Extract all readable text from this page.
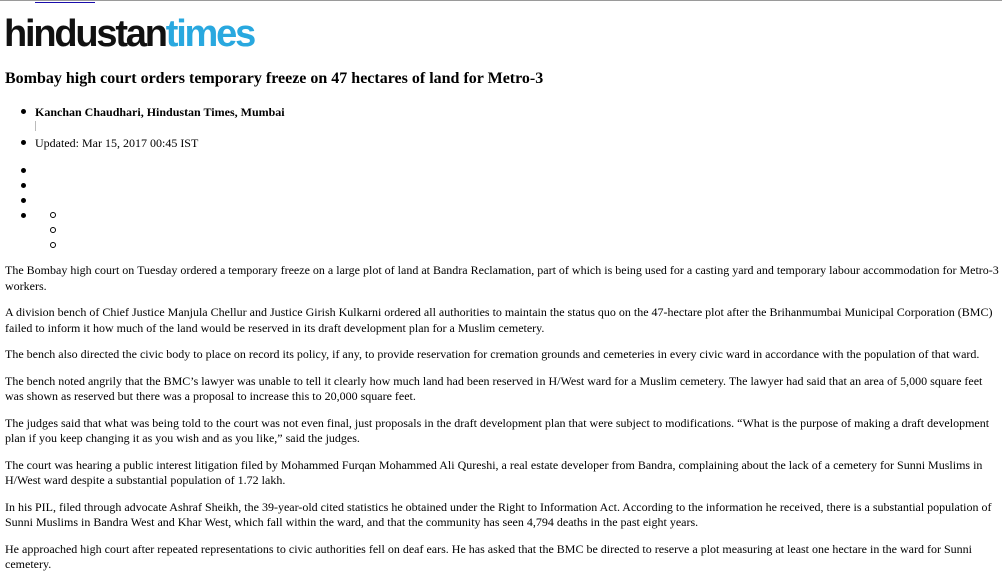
hindustantimes
Bombay high court orders temporary freeze on 47 hectares of land for Metro-3
Kanchan Chaudhari, Hindustan Times, Mumbai
Updated: Mar 15, 2017 00:45 IST

The Bombay high court on Tuesday ordered a temporary freeze on a large plot of land at Bandra Reclamation, part of which is being used for a casting yard and temporary labour accommodation for Metro-3 workers.

A division bench of Chief Justice Manjula Chellur and Justice Girish Kulkarni ordered all authorities to maintain the status quo on the 47-hectare plot after the Brihanmumbai Municipal Corporation (BMC) failed to inform it how much of the land would be reserved in its draft development plan for a Muslim cemetery.

The bench also directed the civic body to place on record its policy, if any, to provide reservation for cremation grounds and cemeteries in every civic ward in accordance with the population of that ward.

The bench noted angrily that the BMC’s lawyer was unable to tell it clearly how much land had been reserved in H/West ward for a Muslim cemetery. The lawyer had said that an area of 5,000 square feet was shown as reserved but there was a proposal to increase this to 20,000 square feet.

The judges said that what was being told to the court was not even final, just proposals in the draft development plan that were subject to modifications. “What is the purpose of making a draft development plan if you keep changing it as you wish and as you like,” said the judges.

The court was hearing a public interest litigation filed by Mohammed Furqan Mohammed Ali Qureshi, a real estate developer from Bandra, complaining about the lack of a cemetery for Sunni Muslims in H/West ward despite a substantial population of 1.72 lakh.

In his PIL, filed through advocate Ashraf Sheikh, the 39-year-old cited statistics he obtained under the Right to Information Act. According to the information he received, there is a substantial population of Sunni Muslims in Bandra West and Khar West, which fall within the ward, and that the community has seen 4,794 deaths in the past eight years.

He approached high court after repeated representations to civic authorities fell on deaf ears. He has asked that the BMC be directed to reserve a plot measuring at least one hectare in the ward for Sunni cemetery.
